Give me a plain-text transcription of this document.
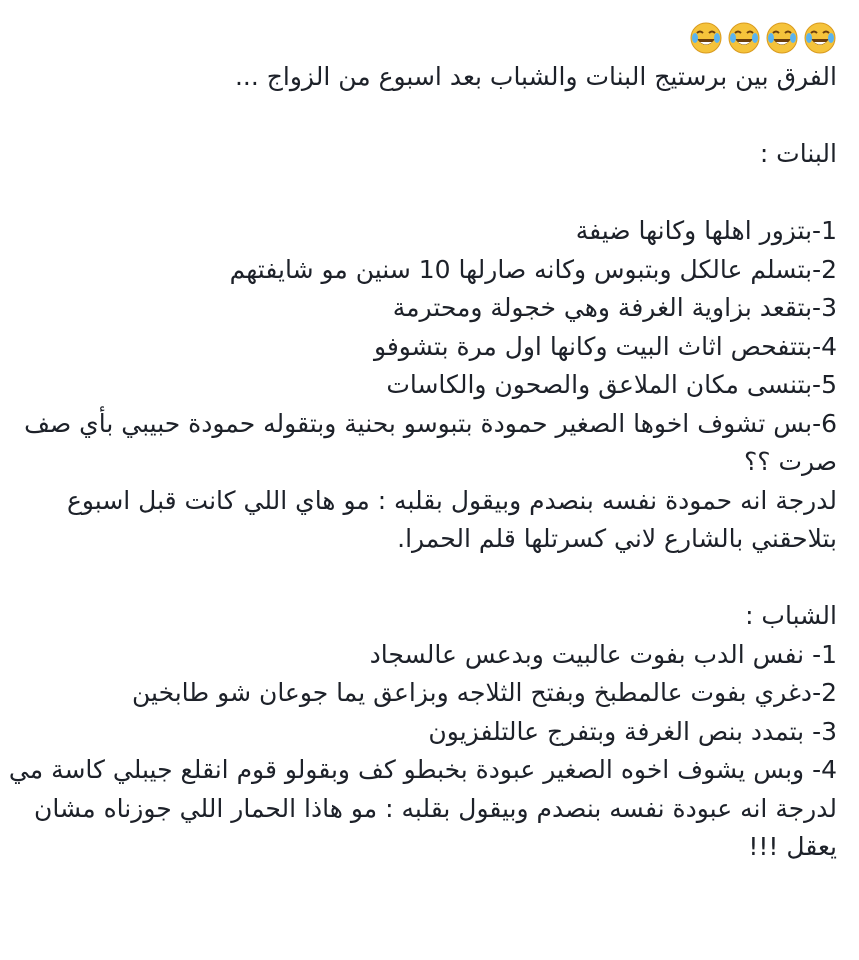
الفرق بين برستيج البنات والشباب بعد اسبوع من الزواج ...
البنات :
1-بتزور اهلها وكانها ضيفة
2-بتسلم عالكل وبتبوس وكانه صارلها 10 سنين مو شايفتهم
3-بتقعد بزاوية الغرفة وهي خجولة ومحترمة
4-بتتفحص اثاث البيت وكانها اول مرة بتشوفو
5-بتنسى مكان الملاعق والصحون والكاسات
6-بس تشوف اخوها الصغير حمودة بتبوسو بحنية وبتقوله حمودة حبيبي بأي صف صرت ؟؟
لدرجة انه حمودة نفسه بنصدم وبيقول بقلبه : مو هاي اللي كانت قبل اسبوع بتلاحقني بالشارع لاني كسرتلها قلم الحمرا.
الشباب :
1- نفس الدب بفوت عالبيت وبدعس عالسجاد
2-دغري بفوت عالمطبخ وبفتح الثلاجه وبزاعق يما جوعان شو طابخين
3- بتمدد بنص الغرفة وبتفرج عالتلفزيون
4- وبس يشوف اخوه الصغير عبودة بخبطو كف وبقولو قوم انقلع جيبلي كاسة مي
لدرجة انه عبودة نفسه بنصدم وبيقول بقلبه : مو هاذا الحمار اللي جوزناه مشان يعقل !!!
